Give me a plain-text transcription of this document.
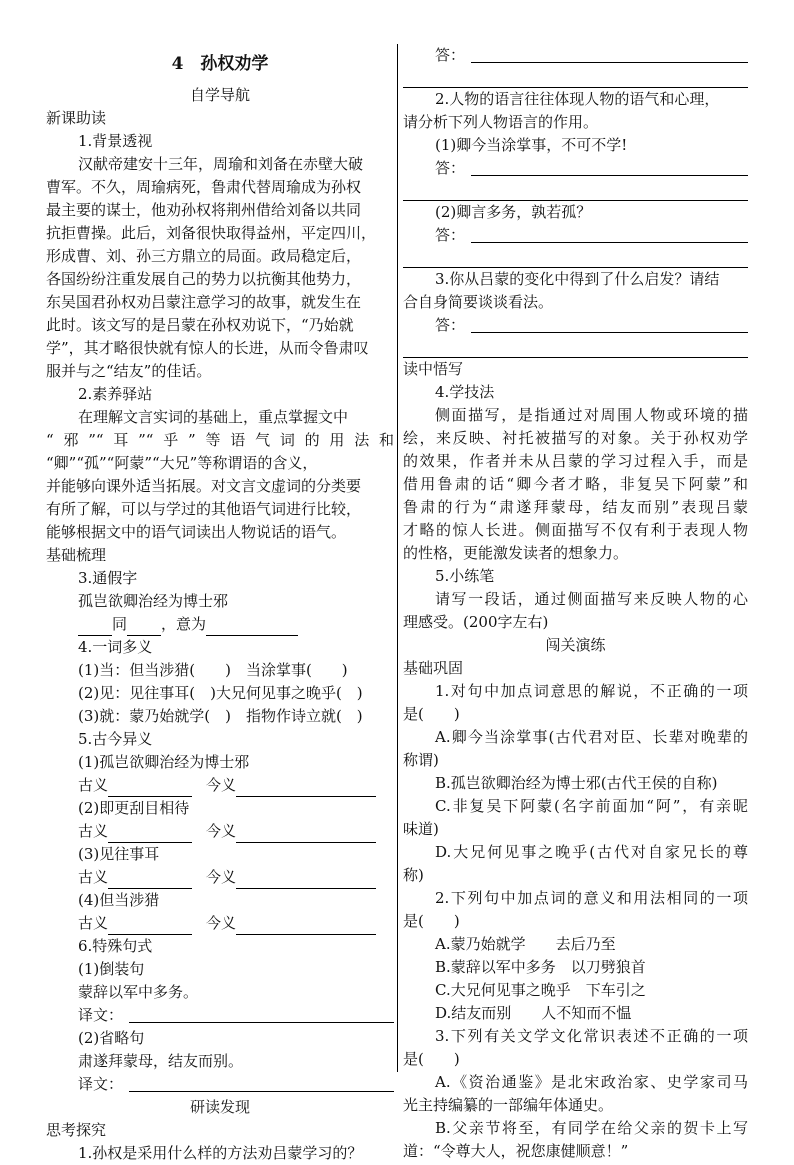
4　孙权劝学
自学导航
新课助读
1.背景透视
汉献帝建安十三年，周瑜和刘备在赤壁大破
曹军。不久，周瑜病死，鲁肃代替周瑜成为孙权
最主要的谋士，他劝孙权将荆州借给刘备以共同
抗拒曹操。此后，刘备很快取得益州，平定四川，
形成曹、刘、孙三方鼎立的局面。政局稳定后，
各国纷纷注重发展自己的势力以抗衡其他势力，
东吴国君孙权劝吕蒙注意学习的故事，就发生在
此时。该文写的是吕蒙在孙权劝说下，“乃始就
学”，其才略很快就有惊人的长进，从而令鲁肃叹
服并与之“结友”的佳话。
2.素养驿站
在理解文言实词的基础上，重点掌握文中
“邪”“耳”“乎”等语气词的用法和
“卿”“孤”“阿蒙”“大兄”等称谓语的含义，
并能够向课外适当拓展。对文言文虚词的分类要
有所了解，可以与学过的其他语气词进行比较，
能够根据文中的语气词读出人物说话的语气。
基础梳理
3.通假字
孤岂欲卿治经为博士邪
同 ，意为
4.一词多义
(1)当：但当涉猎(　　)　当涂掌事(　　)
(2)见：见往事耳(　)大兄何见事之晚乎(　)
(3)就：蒙乃始就学(　)　指物作诗立就(　)
5.古今异义
(1)孤岂欲卿治经为博士邪
古义	今义
(2)即更刮目相待
古义	今义
(3)见往事耳
古义	今义
(4)但当涉猎
古义	今义
6.特殊句式
(1)倒装句
蒙辞以军中多务。
译文：
(2)省略句
肃遂拜蒙母，结友而别。
译文：
研读发现
思考探究
1.孙权是采用什么样的方法劝吕蒙学习的？
答：
2.人物的语言往往体现人物的语气和心理，
请分析下列人物语言的作用。
(1)卿今当涂掌事，不可不学!
答：
(2)卿言多务，孰若孤？
答：
3.你从吕蒙的变化中得到了什么启发？请结
合自身简要谈谈看法。
答：
读中悟写
4.学技法
侧面描写，是指通过对周围人物或环境的描
绘，来反映、衬托被描写的对象。关于孙权劝学
的效果，作者并未从吕蒙的学习过程入手，而是
借用鲁肃的话“卿今者才略，非复吴下阿蒙”和
鲁肃的行为“肃遂拜蒙母，结友而别”表现吕蒙
才略的惊人长进。侧面描写不仅有利于表现人物
的性格，更能激发读者的想象力。
5.小练笔
请写一段话，通过侧面描写来反映人物的心
理感受。(200字左右)
闯关演练
基础巩固
1.对句中加点词意思的解说，不正确的一项
是(　　)
A.卿今当涂掌事(古代君对臣、长辈对晚辈的
称谓)
B.孤岂欲卿治经为博士邪(古代王侯的自称)
C.非复吴下阿蒙(名字前面加“阿”，有亲昵
味道)
D.大兄何见事之晚乎(古代对自家兄长的尊
称)
2.下列句中加点词的意义和用法相同的一项
是(　　)
A.蒙乃始就学　　去后乃至
B.蒙辞以军中多务　以刀劈狼首
C.大兄何见事之晚乎　下车引之
D.结友而别　　人不知而不愠
3.下列有关文学文化常识表述不正确的一项
是(　　)
A.《资治通鉴》是北宋政治家、史学家司马
光主持编纂的一部编年体通史。
B.父亲节将至，有同学在给父亲的贺卡上写
道：“令尊大人，祝您康健顺意！”
